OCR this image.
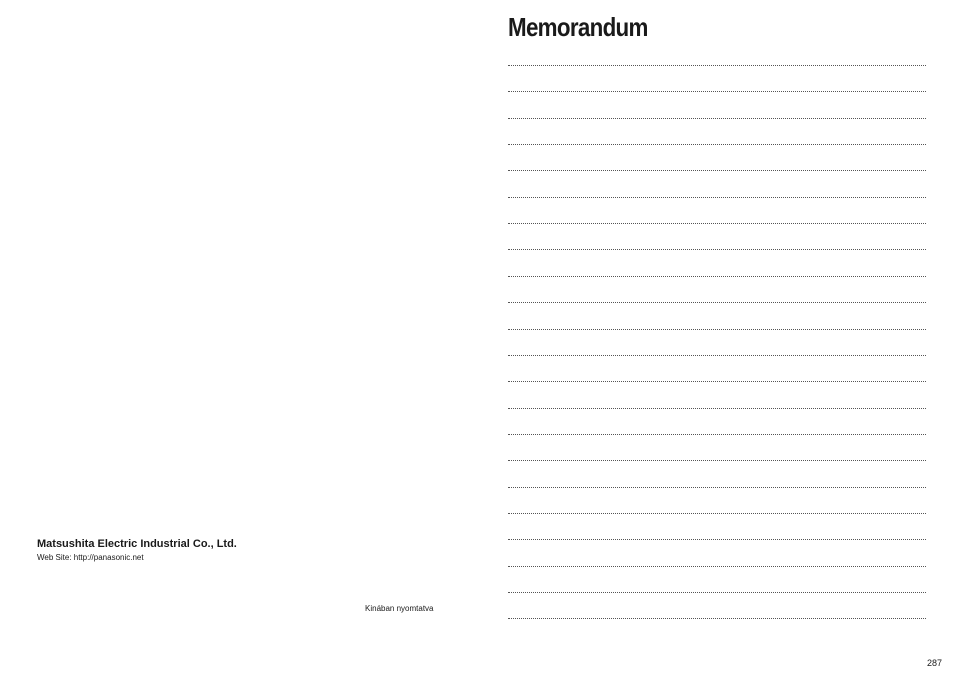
Matsushita Electric Industrial Co., Ltd.
Web Site: http://panasonic.net
Kinában nyomtatva
Memorandum
287
